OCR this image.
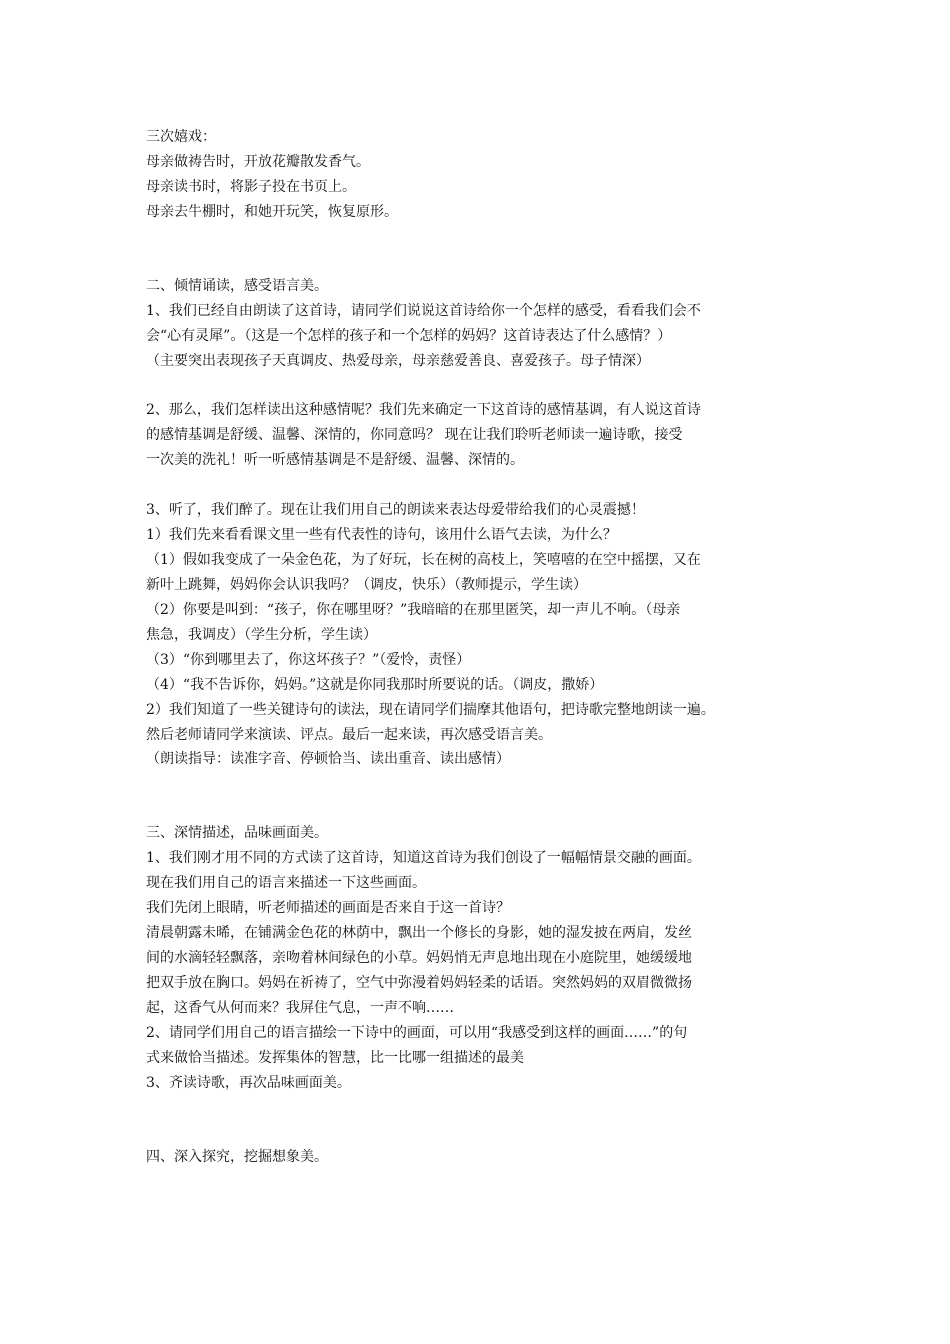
三次嬉戏：
母亲做祷告时，开放花瓣散发香气。
母亲读书时，将影子投在书页上。
母亲去牛棚时，和她开玩笑，恢复原形。
二、倾情诵读，感受语言美。
1、我们已经自由朗读了这首诗，请同学们说说这首诗给你一个怎样的感受，看看我们会不
会“心有灵犀”。（这是一个怎样的孩子和一个怎样的妈妈？这首诗表达了什么感情？）
（主要突出表现孩子天真调皮、热爱母亲，母亲慈爱善良、喜爱孩子。母子情深）
2、那么，我们怎样读出这种感情呢？我们先来确定一下这首诗的感情基调，有人说这首诗
的感情基调是舒缓、温馨、深情的，你同意吗？ 现在让我们聆听老师读一遍诗歌，接受
一次美的洗礼！听一听感情基调是不是舒缓、温馨、深情的。
3、听了，我们醉了。现在让我们用自己的朗读来表达母爱带给我们的心灵震撼！
1）我们先来看看课文里一些有代表性的诗句，该用什么语气去读，为什么？
（1）假如我变成了一朵金色花，为了好玩，长在树的高枝上，笑嘻嘻的在空中摇摆，又在
新叶上跳舞，妈妈你会认识我吗？（调皮，快乐）（教师提示，学生读）
（2）你要是叫到：“孩子，你在哪里呀？”我暗暗的在那里匿笑，却一声儿不响。（母亲
焦急，我调皮）（学生分析，学生读）
（3）“你到哪里去了，你这坏孩子？”（爱怜，责怪）
（4）“我不告诉你，妈妈。”这就是你同我那时所要说的话。（调皮，撒娇）
2）我们知道了一些关键诗句的读法，现在请同学们揣摩其他语句，把诗歌完整地朗读一遍。
然后老师请同学来演读、评点。最后一起来读，再次感受语言美。
（朗读指导：读准字音、停顿恰当、读出重音、读出感情）
三、深情描述，品味画面美。
1、我们刚才用不同的方式读了这首诗，知道这首诗为我们创设了一幅幅情景交融的画面。
现在我们用自己的语言来描述一下这些画面。
我们先闭上眼睛，听老师描述的画面是否来自于这一首诗？
清晨朝露未晞，在铺满金色花的林荫中，飘出一个修长的身影，她的湿发披在两肩，发丝
间的水滴轻轻飘落，亲吻着林间绿色的小草。妈妈悄无声息地出现在小庭院里，她缓缓地
把双手放在胸口。妈妈在祈祷了，空气中弥漫着妈妈轻柔的话语。突然妈妈的双眉微微扬
起，这香气从何而来？我屏住气息，一声不响……
2、请同学们用自己的语言描绘一下诗中的画面，可以用“我感受到这样的画面……”的句
式来做恰当描述。发挥集体的智慧，比一比哪一组描述的最美
3、齐读诗歌，再次品味画面美。
四、深入探究，挖掘想象美。
